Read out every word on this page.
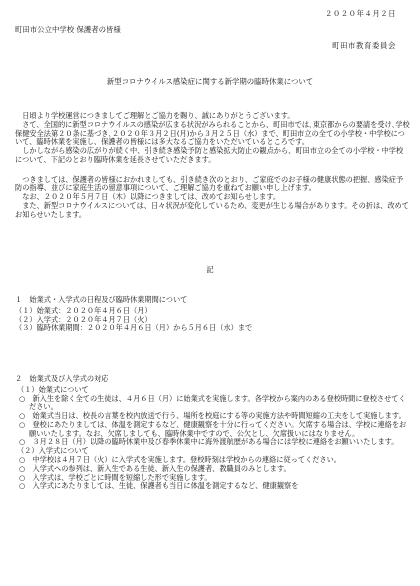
２０２０年４月２日
町田市公立中学校 保護者の皆様
町田市教育委員会
新型コロナウイルス感染症に関する新学期の臨時休業について

日頃より学校運営につきましてご理解とご協力を賜り、誠にありがとうございます。

さて、全国的に新型コロナウイルスの感染が広まる状況がみられることから、町田市では､東京都からの要請を受け､学校保健安全法第２０条に基づき､２０２０年３月２日(月)から３月２５日（水）まで、町田市立の全ての小学校・中学校について、臨時休業を実施し、保護者の皆様には多大なるご協力をいただいているところです。

しかしながら感染の広がりが続く中、引き続き感染予防と感染拡大防止の観点から、町田市立の全ての小学校・中学校について、下記のとおり臨時休業を延長させていただきます。

つきましては、保護者の皆様におかれましても、引き続き次のとおり、ご家庭でのお子様の健康状態の把握、感染症予防の指導、並びに家庭生活の留意事項について、ご理解ご協力を重ねてお願い申し上げます。

なお、２０２０年５月７日（木）以降につきましては、改めてお知らせします。

また、新型コロナウイルスについては、日々状況が変化しているため、変更が生じる場合があります。その折は、改めてお知らせいたします。

記
１　始業式・入学式の日程及び臨時休業期間について
（１）始業式：２０２０年４月６日（月）
（２）入学式：２０２０年４月７日（火）
（３）臨時休業期間：２０２０年４月６日（月）から５月６日（水）まで
２　始業式及び入学式の対応
（１）始業式について
○　新入生を除く全ての生徒は、４月６日（月）に始業式を実施します。各学校から案内のある登校時間に登校させてください。
○　始業式当日は、校長の言葉を校内放送で行う、場所を校庭にする等の実施方法や時間短縮の工夫をして実施します。
○　登校にあたりましては、体温を測定するなど、健康観察を十分に行ってください。欠席する場合は、学校に連絡をお願いいたします。なお、欠席しましても、臨時休業中ですので、公欠とし、欠席扱いにはなりません。
○　３月２８日（月）以降の臨時休業中及び春季休業中に海外渡航歴がある場合には学校に連絡をお願いいたします。
（２）入学式について
○　中学校は４月７日（火）に入学式を実施します。登校時刻は学校からの連絡に従ってください。
○　入学式への参列は、新入生である生徒、新入生の保護者、教職員のみとします。
○　入学式は、学校ごとに時間を短縮した形で実施します。
○　入学式にあたりましては、生徒、保護者も当日に体温を測定するなど、健康観察を
